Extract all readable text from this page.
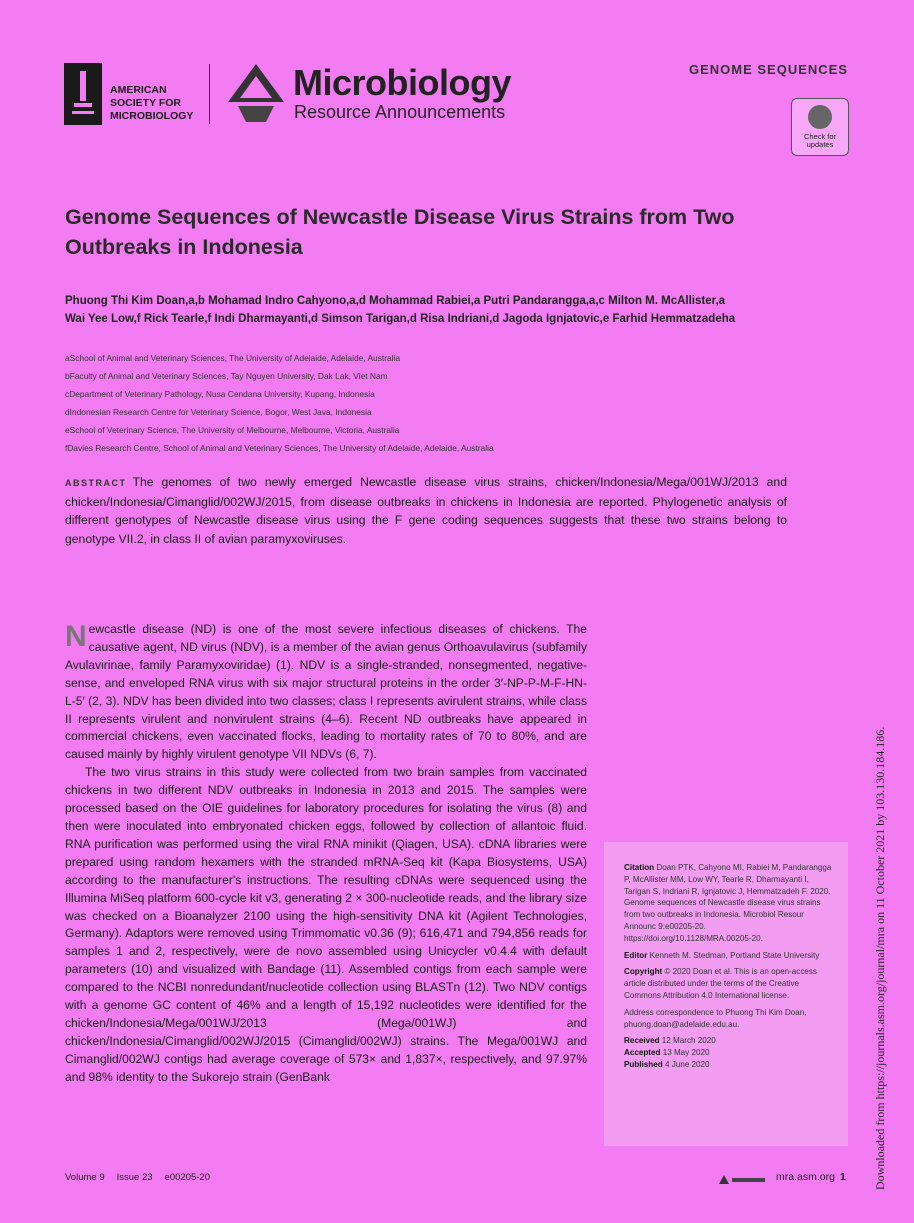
AMERICAN
SOCIETY FOR
MICROBIOLOGY
Microbiology
Resource Announcements
GENOME SEQUENCES
Check for updates
Genome Sequences of Newcastle Disease Virus Strains from Two Outbreaks in Indonesia
Phuong Thi Kim Doan,a,b Mohamad Indro Cahyono,a,d Mohammad Rabiei,a Putri Pandarangga,a,c Milton M. McAllister,a
Wai Yee Low,f Rick Tearle,f Indi Dharmayanti,d Simson Tarigan,d Risa Indriani,d Jagoda Ignjatovic,e Farhid Hemmatzadeha
aSchool of Animal and Veterinary Sciences, The University of Adelaide, Adelaide, Australia
bFaculty of Animal and Veterinary Sciences, Tay Nguyen University, Dak Lak, Viet Nam
cDepartment of Veterinary Pathology, Nusa Cendana University, Kupang, Indonesia
dIndonesian Research Centre for Veterinary Science, Bogor, West Java, Indonesia
eSchool of Veterinary Science, The University of Melbourne, Melbourne, Victoria, Australia
fDavies Research Centre, School of Animal and Veterinary Sciences, The University of Adelaide, Adelaide, Australia
ABSTRACT The genomes of two newly emerged Newcastle disease virus strains, chicken/Indonesia/Mega/001WJ/2013 and chicken/Indonesia/Cimanglid/002WJ/2015, from disease outbreaks in chickens in Indonesia are reported. Phylogenetic analysis of different genotypes of Newcastle disease virus using the F gene coding sequences suggests that these two strains belong to genotype VII.2, in class II of avian paramyxoviruses.

Newcastle disease (ND) is one of the most severe infectious diseases of chickens. The causative agent, ND virus (NDV), is a member of the avian genus Orthoavulavirus (subfamily Avulavirinae, family Paramyxoviridae) (1). NDV is a single-stranded, nonsegmented, negative-sense, and enveloped RNA virus with six major structural proteins in the order 3′-NP-P-M-F-HN-L-5′ (2, 3). NDV has been divided into two classes; class I represents avirulent strains, while class II represents virulent and nonvirulent strains (4–6). Recent ND outbreaks have appeared in commercial chickens, even vaccinated flocks, leading to mortality rates of 70 to 80%, and are caused mainly by highly virulent genotype VII NDVs (6, 7).

The two virus strains in this study were collected from two brain samples from vaccinated chickens in two different NDV outbreaks in Indonesia in 2013 and 2015. The samples were processed based on the OIE guidelines for laboratory procedures for isolating the virus (8) and then were inoculated into embryonated chicken eggs, followed by collection of allantoic fluid. RNA purification was performed using the viral RNA minikit (Qiagen, USA). cDNA libraries were prepared using random hexamers with the stranded mRNA-Seq kit (Kapa Biosystems, USA) according to the manufacturer's instructions. The resulting cDNAs were sequenced using the Illumina MiSeq platform 600-cycle kit v3, generating 2 × 300-nucleotide reads, and the library size was checked on a Bioanalyzer 2100 using the high-sensitivity DNA kit (Agilent Technologies, Germany). Adaptors were removed using Trimmomatic v0.36 (9); 616,471 and 794,856 reads for samples 1 and 2, respectively, were de novo assembled using Unicycler v0.4.4 with default parameters (10) and visualized with Bandage (11). Assembled contigs from each sample were compared to the NCBI nonredundant/nucleotide collection using BLASTn (12). Two NDV contigs with a genome GC content of 46% and a length of 15,192 nucleotides were identified for the chicken/Indonesia/Mega/001WJ/2013 (Mega/001WJ) and chicken/Indonesia/Cimanglid/002WJ/2015 (Cimanglid/002WJ) strains. The Mega/001WJ and Cimanglid/002WJ contigs had average coverage of 573× and 1,837×, respectively, and 97.97% and 98% identity to the Sukorejo strain (GenBank

Citation Doan PTK, Cahyono MI, Rabiei M, Pandarangga P, McAllister MM, Low WY, Tearle R, Dharmayanti I, Tarigan S, Indriani R, Ignjatovic J, Hemmatzadeh F. 2020. Genome sequences of Newcastle disease virus strains from two outbreaks in Indonesia. Microbiol Resour Announc 9:e00205-20. https://doi.org/10.1128/MRA.00205-20.

Editor Kenneth M. Stedman, Portland State University

Copyright © 2020 Doan et al. This is an open-access article distributed under the terms of the Creative Commons Attribution 4.0 International license.

Address correspondence to Phuong Thi Kim Doan, phuong.doan@adelaide.edu.au.

Received 12 March 2020

Accepted 13 May 2020

Published 4 June 2020

Volume 9 Issue 23 e00205-20	mra.asm.org 1 Downloaded from https://journals.asm.org/journal/mra on 11 October 2021 by 103.130.184.186.
